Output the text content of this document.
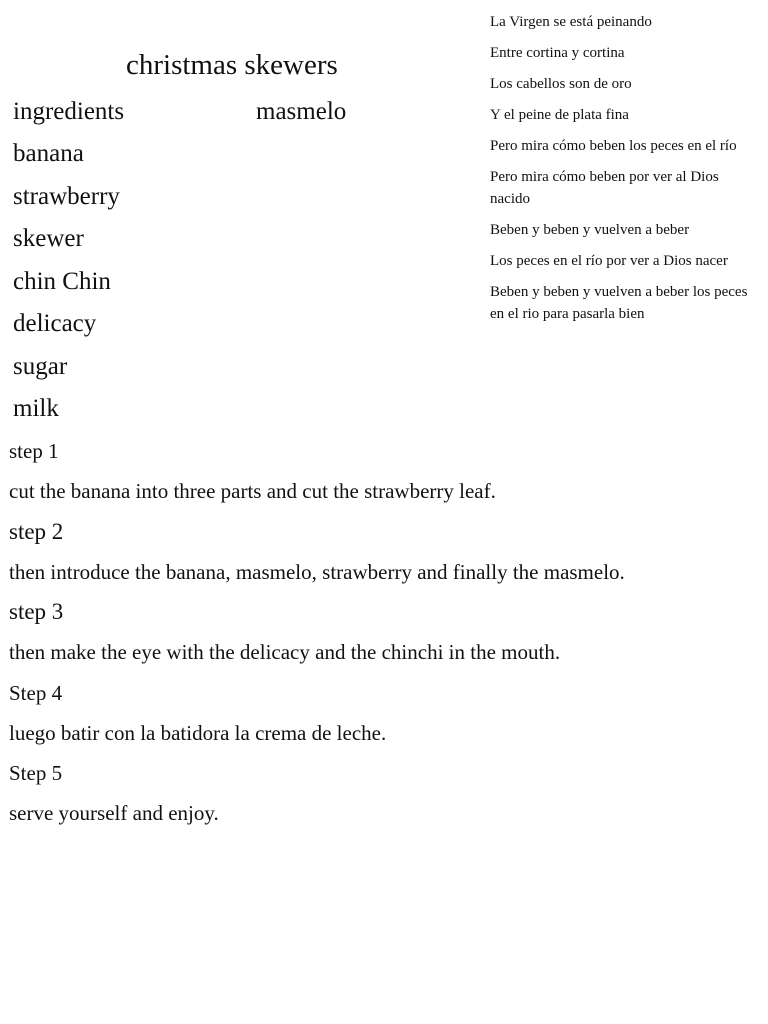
christmas skewers
ingredients	masmelo
banana
strawberry
skewer
chin Chin
delicacy
sugar
milk
La Virgen se está peinando
Entre cortina y cortina
Los cabellos son de oro
Y el peine de plata fina
Pero mira cómo beben los peces en el río
Pero mira cómo beben por ver al Dios nacido
Beben y beben y vuelven a beber
Los peces en el río por ver a Dios nacer
Beben y beben y vuelven a beber los peces en el rio para pasarla bien
step 1
cut the banana into three parts and cut the strawberry leaf.
step 2
then introduce the banana, masmelo, strawberry and finally the masmelo.
step 3
then make the eye with the delicacy and the chinchi in the mouth.
Step 4
luego batir con la batidora la crema de leche.
Step 5
serve yourself and enjoy.
